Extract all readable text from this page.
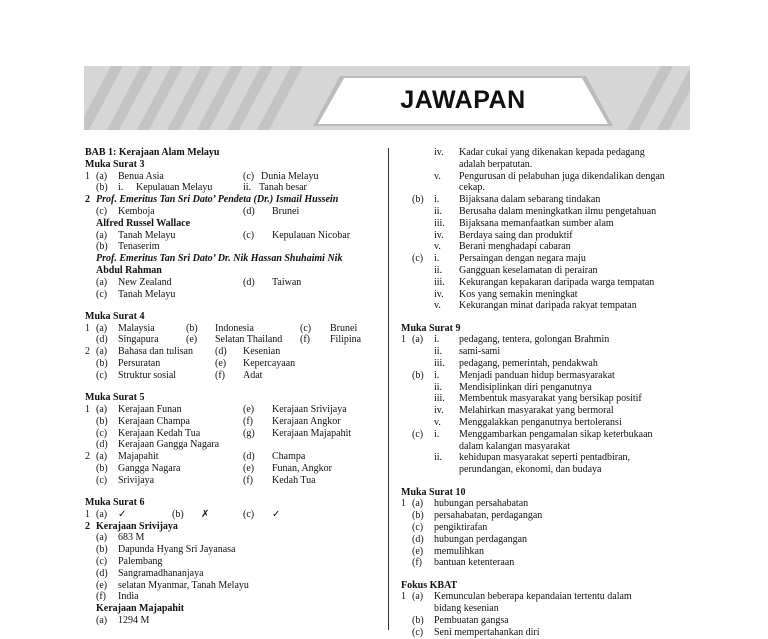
JAWAPAN
BAB 1: Kerajaan Alam Melayu
Muka Surat 3
1 (a) Benua Asia	(c) Dunia Melayu
(b) i. Kepulauan Melayu	ii. Tanah besar
2 Prof. Emeritus Tan Sri Dato’ Pendeta (Dr.) Ismail Hussein
(c) Kemboja	(d) Brunei
Alfred Russel Wallace
(a) Tanah Melayu	(c) Kepulauan Nicobar
(b) Tenaserim
Prof. Emeritus Tan Sri Dato’ Dr. Nik Hassan Shuhaimi Nik
Abdul Rahman
(a) New Zealand	(d) Taiwan
(c) Tanah Melayu
Muka Surat 4
1 (a) Malaysia	(b) Indonesia	(c) Brunei
(d) Singapura	(e) Selatan Thailand (f) Filipina
2 (a) Bahasa dan tulisan (d) Kesenian
(b) Persuratan	(e) Kepercayaan
(c) Struktur sosial	(f) Adat
Muka Surat 5
1 (a) Kerajaan Funan	(e) Kerajaan Srivijaya
(b) Kerajaan Champa	(f) Kerajaan Angkor
(c) Kerajaan Kedah Tua	(g) Kerajaan Majapahit
(d) Kerajaan Gangga Nagara
2 (a) Majapahit	(d) Champa
(b) Gangga Nagara	(e) Funan, Angkor
(c) Srivijaya	(f) Kedah Tua
Muka Surat 6
1 (a) ✓	(b) ✗	(c) ✓
2 Kerajaan Srivijaya
(a) 683 M
(b) Dapunda Hyang Sri Jayanasa
(c) Palembang
(d) Sangramadhananjaya
(e) selatan Myanmar, Tanah Melayu
(f) India
Kerajaan Majapahit
(a) 1294 M
iv. Kadar cukai yang dikenakan kepada pedagang
adalah berpatutan.
v. Pengurusan di pelabuhan juga dikendalikan dengan
cekap.
(b) i. Bijaksana dalam sebarang tindakan
ii. Berusaha dalam meningkatkan ilmu pengetahuan
iii. Bijaksana memanfaatkan sumber alam
iv. Berdaya saing dan produktif
v. Berani menghadapi cabaran
(c) i. Persaingan dengan negara maju
ii. Gangguan keselamatan di perairan
iii. Kekurangan kepakaran daripada warga tempatan
iv. Kos yang semakin meningkat
v. Kekurangan minat daripada rakyat tempatan
Muka Surat 9
1 (a) i. pedagang, tentera, golongan Brahmin
ii. sami-sami
iii. pedagang, pemerintah, pendakwah
(b) i. Menjadi panduan hidup bermasyarakat
ii. Mendisiplinkan diri penganutnya
iii. Membentuk masyarakat yang bersikap positif
iv. Melahirkan masyarakat yang bermoral
v. Menggalakkan penganutnya bertoleransi
(c) i. Menggambarkan pengamalan sikap keterbukaan
dalam kalangan masyarakat
ii. kehidupan masyarakat seperti pentadbiran,
perundangan, ekonomi, dan budaya
Muka Surat 10
1 (a) hubungan persahabatan
(b) persahabatan, perdagangan
(c) pengiktirafan
(d) hubungan perdagangan
(e) memulihkan
(f) bantuan ketenteraan
Fokus KBAT
1 (a) Kemunculan beberapa kepandaian tertentu dalam
bidang kesenian
(b) Pembuatan gangsa
(c) Seni mempertahankan diri
